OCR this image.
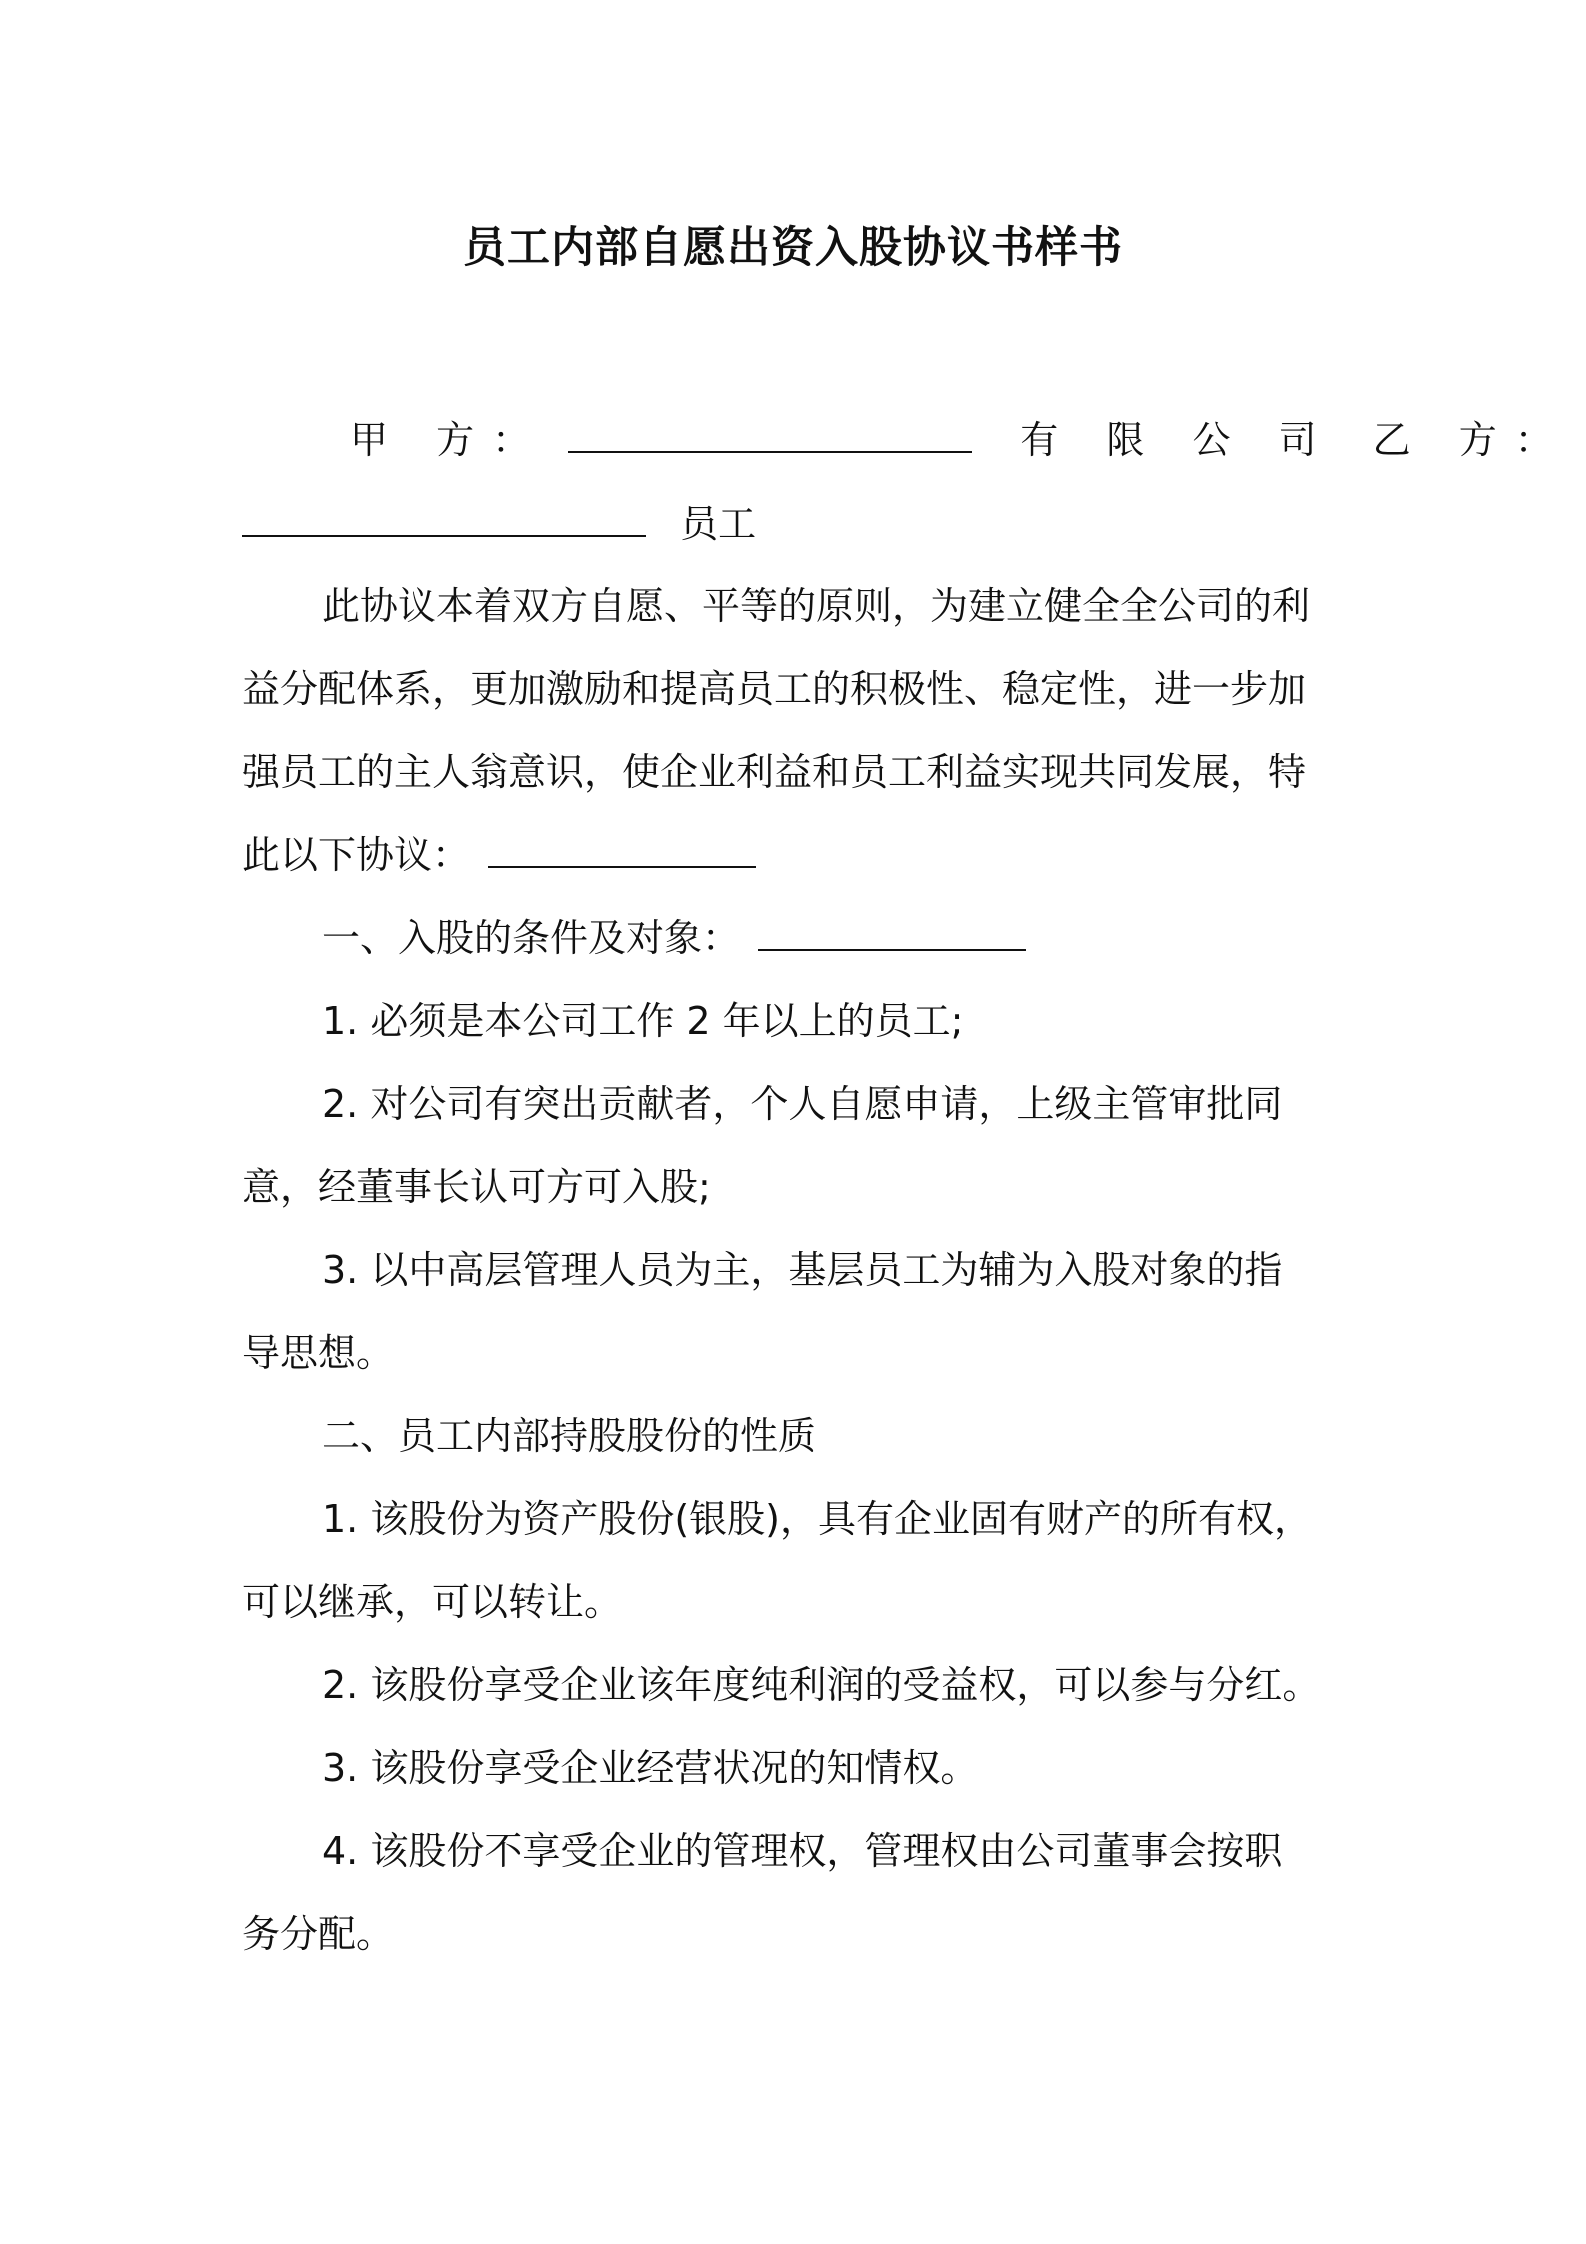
员工内部自愿出资入股协议书样书
甲 方：	有 限 公 司 乙 方：
员工
此协议本着双方自愿、平等的原则，为建立健全全公司的利
益分配体系，更加激励和提高员工的积极性、稳定性，进一步加
强员工的主人翁意识，使企业利益和员工利益实现共同发展，特
此以下协议：
一、入股的条件及对象：
1. 必须是本公司工作 2 年以上的员工;
2. 对公司有突出贡献者，个人自愿申请，上级主管审批同
意，经董事长认可方可入股;
3. 以中高层管理人员为主，基层员工为辅为入股对象的指
导思想。
二、员工内部持股股份的性质
1. 该股份为资产股份(银股)，具有企业固有财产的所有权，
可以继承，可以转让。
2. 该股份享受企业该年度纯利润的受益权，可以参与分红。
3. 该股份享受企业经营状况的知情权。
4. 该股份不享受企业的管理权，管理权由公司董事会按职
务分配。
